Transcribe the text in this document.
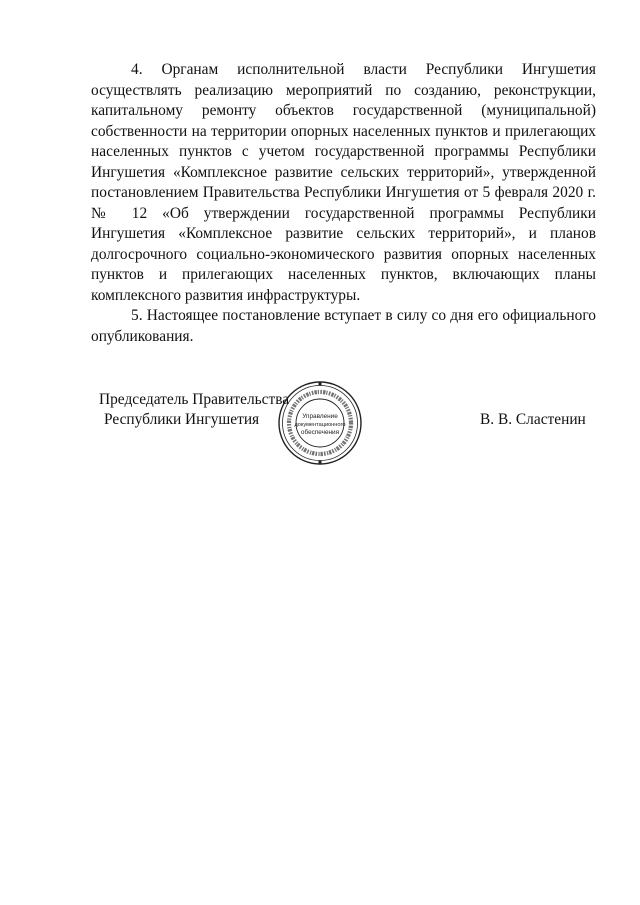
4. Органам исполнительной власти Республики Ингушетия осуществлять реализацию мероприятий по созданию, реконструкции, капитальному ремонту объектов государственной (муниципальной) собственности на территории опорных населенных пунктов и прилегающих населенных пунктов с учетом государственной программы Республики Ингушетия «Комплексное развитие сельских территорий», утвержденной постановлением Правительства Республики Ингушетия от 5 февраля 2020 г. № 12 «Об утверждении государственной программы Республики Ингушетия «Комплексное развитие сельских территорий», и планов долгосрочного социально-экономического развития опорных населенных пунктов и прилегающих населенных пунктов, включающих планы комплексного развития инфраструктуры.

5. Настоящее постановление вступает в силу со дня его официального опубликования.

Председатель Правительства
Республики Ингушетия	В. В. Сластенин
Управление
документационного
обеспечения
